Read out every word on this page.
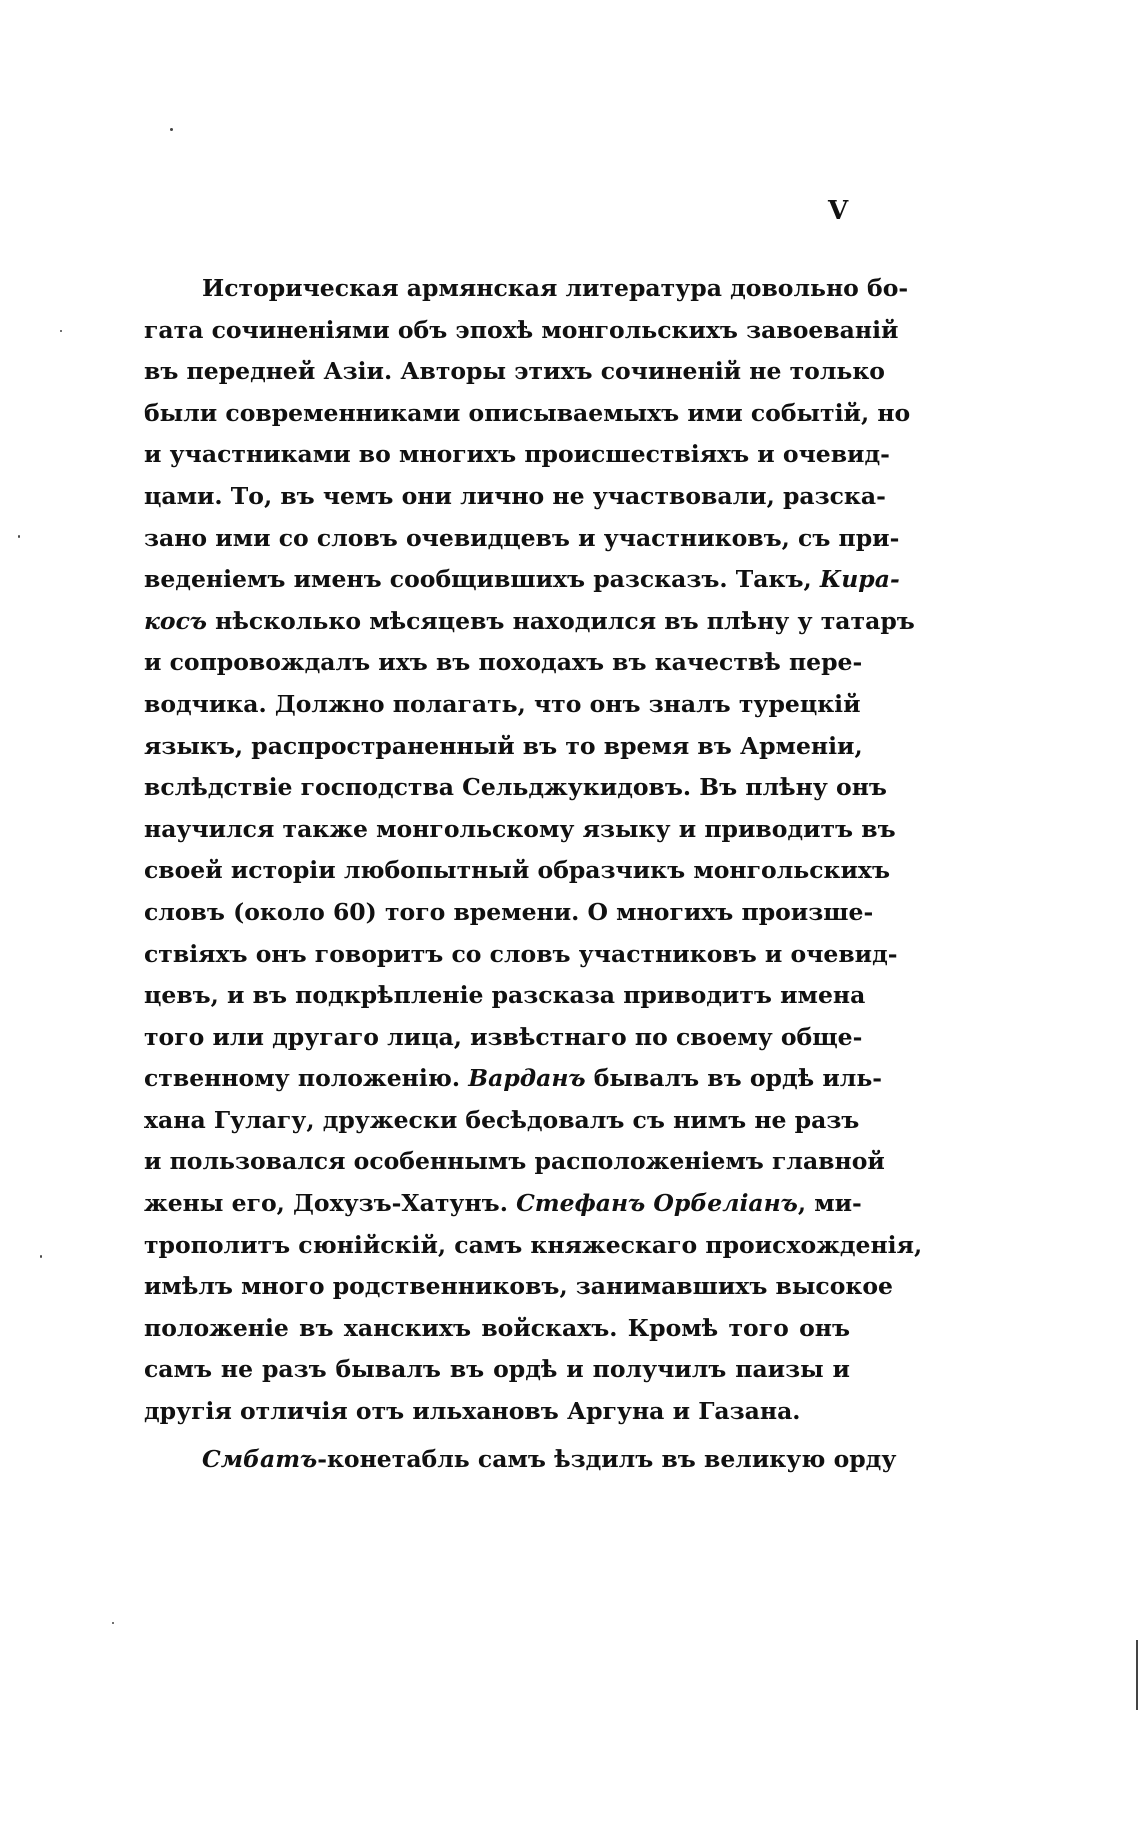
V
Историческая армянская литература довольно бо-
гата сочиненіями объ эпохѣ монгольскихъ завоеваній
въ передней Азіи. Авторы этихъ сочиненій не только
были современниками описываемыхъ ими событій, но
и участниками во многихъ происшествіяхъ и очевид-
цами. То, въ чемъ они лично не участвовали, разска-
зано ими со словъ очевидцевъ и участниковъ, съ при-
веденіемъ именъ сообщившихъ разсказъ. Такъ, Кира-
косъ нѣсколько мѣсяцевъ находился въ плѣну у татаръ
и сопровождалъ ихъ въ походахъ въ качествѣ пере-
водчика. Должно полагать, что онъ зналъ турецкій
языкъ, распространенный въ то время въ Арменіи,
вслѣдствіе господства Сельджукидовъ. Въ плѣну онъ
научился также монгольскому языку и приводитъ въ
своей исторіи любопытный образчикъ монгольскихъ
словъ (около 60) того времени. О многихъ произше-
ствіяхъ онъ говоритъ со словъ участниковъ и очевид-
цевъ, и въ подкрѣпленіе разсказа приводитъ имена
того или другаго лица, извѣстнаго по своему обще-
ственному положенію. Варданъ бывалъ въ ордѣ иль-
хана Гулагу, дружески бесѣдовалъ съ нимъ не разъ
и пользовался особеннымъ расположеніемъ главной
жены его, Дохузъ-Хатунъ. Стефанъ Орбеліанъ, ми-
трополитъ сюнійскій, самъ княжескаго происхожденія,
имѣлъ много родственниковъ, занимавшихъ высокое
положеніе въ ханскихъ войскахъ. Кромѣ того онъ
самъ не разъ бывалъ въ ордѣ и получилъ паизы и
другія отличія отъ ильхановъ Аргуна и Газана.
Смбатъ-конетабль самъ ѣздилъ въ великую орду
